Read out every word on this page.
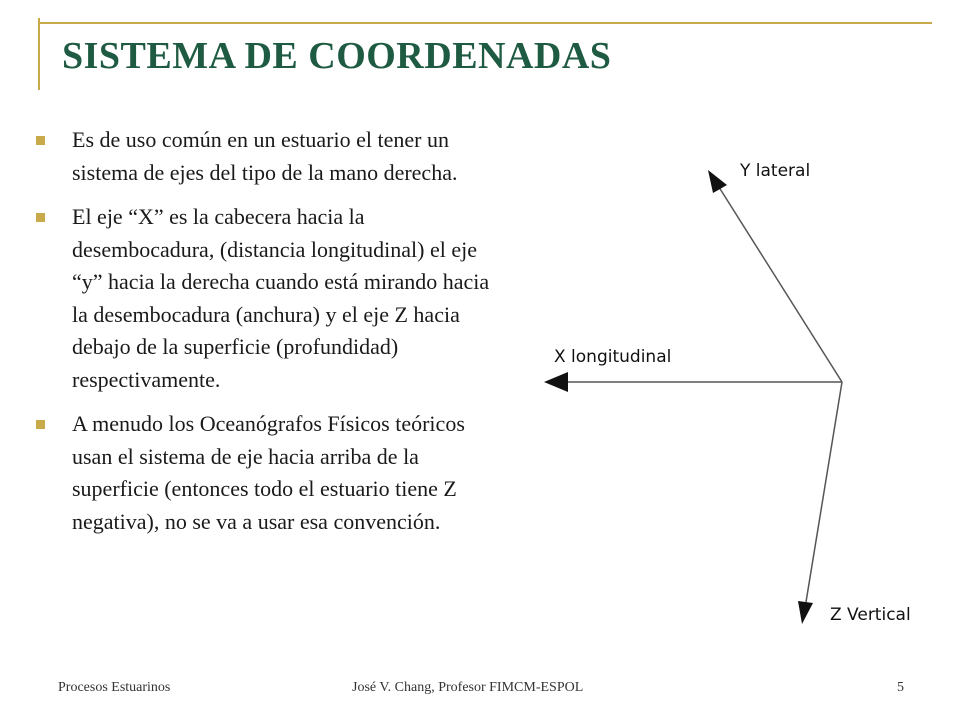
SISTEMA DE COORDENADAS
Es de uso común en un estuario el tener un sistema de ejes del tipo de la mano derecha.
El eje “X” es la cabecera hacia la desembocadura, (distancia longitudinal) el eje “y” hacia la derecha cuando está mirando hacia la desembocadura (anchura) y el eje Z hacia debajo de la superficie (profundidad) respectivamente.
A menudo los Oceanógrafos Físicos teóricos usan el sistema de eje hacia arriba de la superficie (entonces todo el estuario tiene Z negativa), no se va a usar esa convención.
Y lateral
X longitudinal
Z Vertical
Procesos Estuarinos	José V. Chang, Profesor FIMCM-ESPOL	5
